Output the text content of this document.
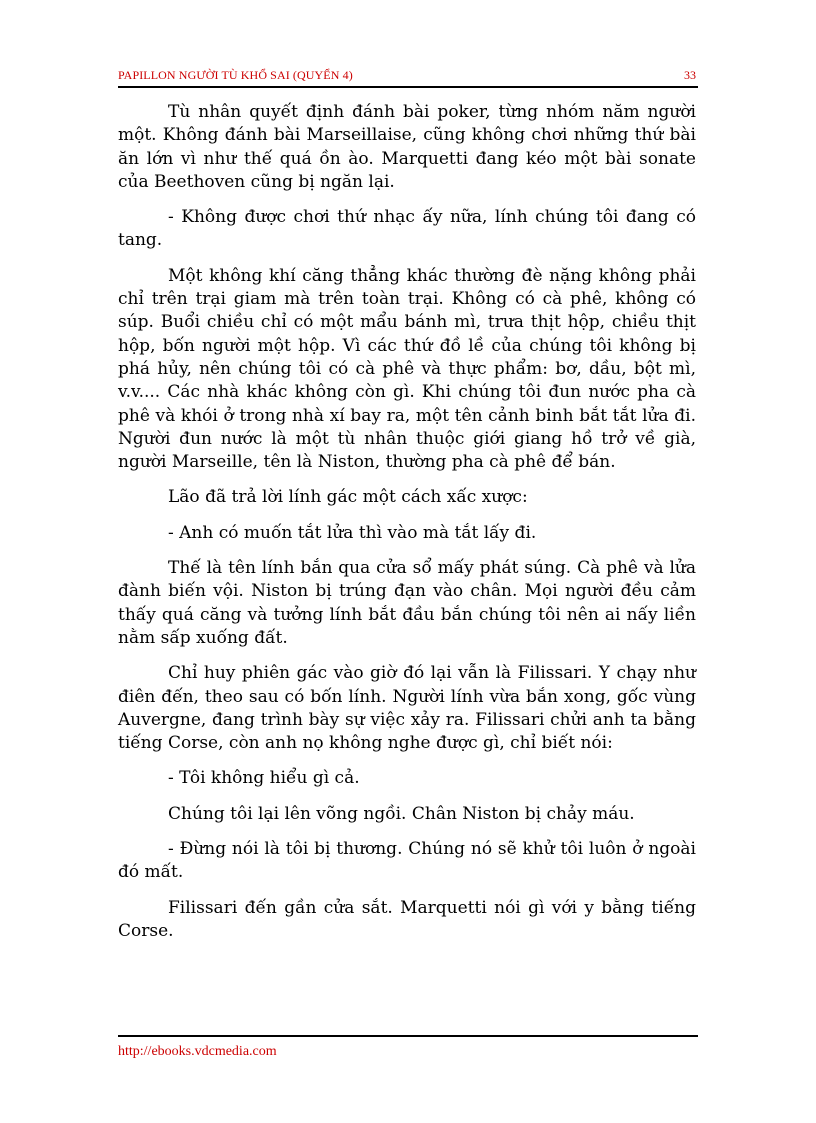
PAPILLON NGƯỜI TÙ KHỔ SAI (QUYỂN 4)	33

Tù nhân quyết định đánh bài poker, từng nhóm năm người một. Không đánh bài Marseillaise, cũng không chơi những thứ bài ăn lớn vì như thế quá ồn ào. Marquetti đang kéo một bài sonate của Beethoven cũng bị ngăn lại.

- Không được chơi thứ nhạc ấy nữa, lính chúng tôi đang có tang.

Một không khí căng thẳng khác thường đè nặng không phải chỉ trên trại giam mà trên toàn trại. Không có cà phê, không có súp. Buổi chiều chỉ có một mẩu bánh mì, trưa thịt hộp, chiều thịt hộp, bốn người một hộp. Vì các thứ đồ lề của chúng tôi không bị phá hủy, nên chúng tôi có cà phê và thực phẩm: bơ, dầu, bột mì, v.v.... Các nhà khác không còn gì. Khi chúng tôi đun nước pha cà phê và khói ở trong nhà xí bay ra, một tên cảnh binh bắt tắt lửa đi. Người đun nước là một tù nhân thuộc giới giang hồ trở về già, người Marseille, tên là Niston, thường pha cà phê để bán.

Lão đã trả lời lính gác một cách xấc xược:

- Anh có muốn tắt lửa thì vào mà tắt lấy đi.

Thế là tên lính bắn qua cửa sổ mấy phát súng. Cà phê và lửa đành biến vội. Niston bị trúng đạn vào chân. Mọi người đều cảm thấy quá căng và tưởng lính bắt đầu bắn chúng tôi nên ai nấy liền nằm sấp xuống đất.

Chỉ huy phiên gác vào giờ đó lại vẫn là Filissari. Y chạy như điên đến, theo sau có bốn lính. Người lính vừa bắn xong, gốc vùng Auvergne, đang trình bày sự việc xảy ra. Filissari chửi anh ta bằng tiếng Corse, còn anh nọ không nghe được gì, chỉ biết nói:

- Tôi không hiểu gì cả.

Chúng tôi lại lên võng ngồi. Chân Niston bị chảy máu.

- Đừng nói là tôi bị thương. Chúng nó sẽ khử tôi luôn ở ngoài đó mất.

Filissari đến gần cửa sắt. Marquetti nói gì với y bằng tiếng Corse.

http://ebooks.vdcmedia.com
